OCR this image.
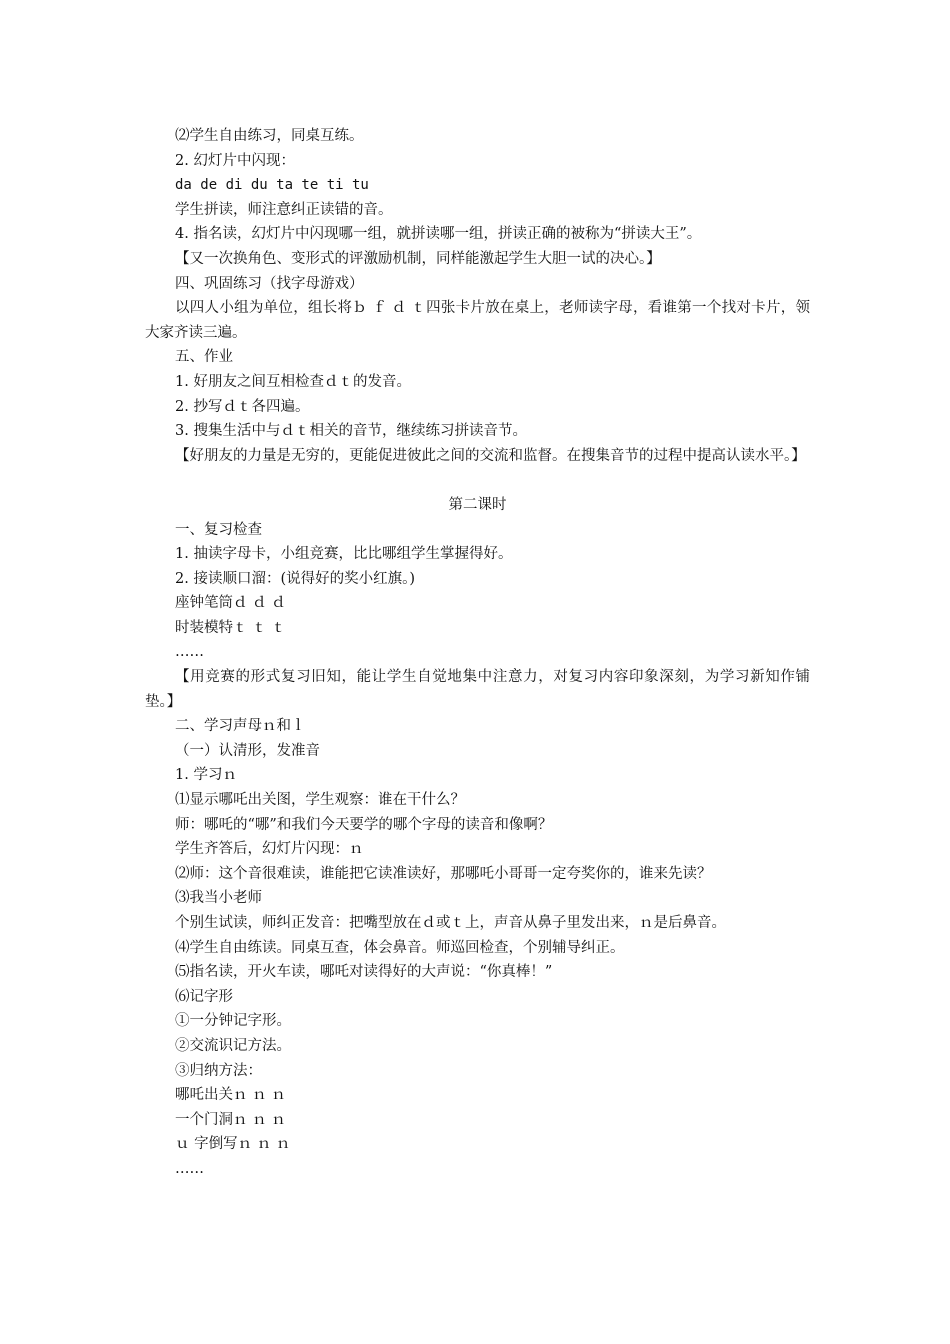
⑵学生自由练习，同桌互练。
2. 幻灯片中闪现：
da de di du ta te ti tu
学生拼读，师注意纠正读错的音。
4. 指名读，幻灯片中闪现哪一组，就拼读哪一组，拼读正确的被称为“拼读大王”。
【又一次换角色、变形式的评激励机制，同样能激起学生大胆一试的决心。】
四、巩固练习（找字母游戏）
以四人小组为单位，组长将ｂ ｆ ｄ ｔ四张卡片放在桌上，老师读字母，看谁第一个找对卡片，领大家齐读三遍。
五、作业
1. 好朋友之间互相检查ｄｔ的发音。
2. 抄写ｄｔ各四遍。
3. 搜集生活中与ｄｔ相关的音节，继续练习拼读音节。
【好朋友的力量是无穷的，更能促进彼此之间的交流和监督。在搜集音节的过程中提高认读水平。】
第二课时
一、复习检查
1. 抽读字母卡，小组竞赛，比比哪组学生掌握得好。
2. 接读顺口溜：(说得好的奖小红旗。)
座钟笔筒ｄ ｄ ｄ
时装模特ｔ ｔ ｔ
……
【用竞赛的形式复习旧知，能让学生自觉地集中注意力，对复习内容印象深刻，为学习新知作铺垫。】
二、学习声母ｎ和ｌ
（一）认清形，发准音
1. 学习ｎ
⑴显示哪吒出关图，学生观察：谁在干什么？
师：哪吒的“哪”和我们今天要学的哪个字母的读音和像啊？
学生齐答后，幻灯片闪现：ｎ
⑵师：这个音很难读，谁能把它读准读好，那哪吒小哥哥一定夸奖你的，谁来先读？
⑶我当小老师
个别生试读，师纠正发音：把嘴型放在ｄ或ｔ上，声音从鼻子里发出来，ｎ是后鼻音。
⑷学生自由练读。同桌互查，体会鼻音。师巡回检查，个别辅导纠正。
⑸指名读，开火车读，哪吒对读得好的大声说：“你真棒！”
⑹记字形
①一分钟记字形。
②交流识记方法。
③归纳方法：
哪吒出关ｎ ｎ ｎ
一个门洞ｎ ｎ ｎ
ｕ 字倒写ｎ ｎ ｎ
……
